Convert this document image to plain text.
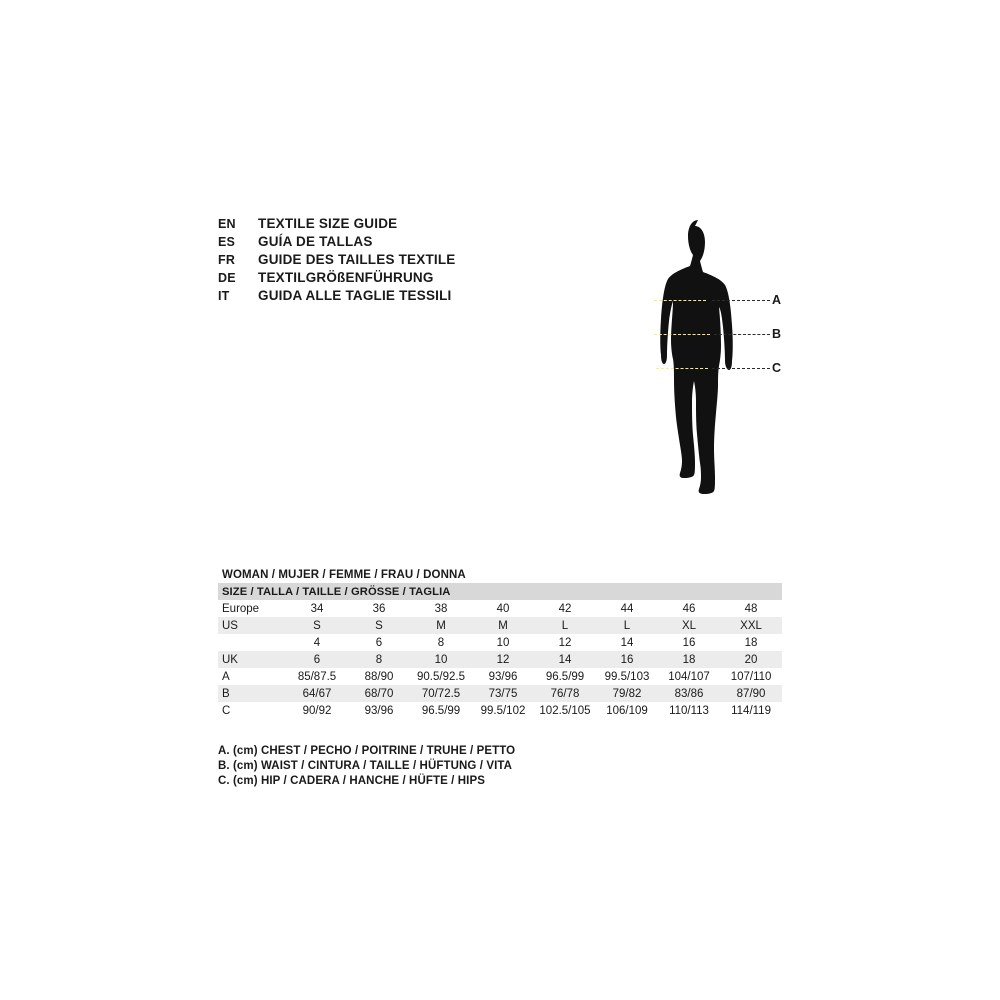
EN	TEXTILE SIZE GUIDE
ES	GUÍA DE TALLAS
FR	GUIDE DES TAILLES TEXTILE
DE	TEXTILGRÖßENFÜHRUNG
IT	GUIDA ALLE TAGLIE TESSILI	A
B
C
WOMAN / MUJER / FEMME / FRAU / DONNA								
SIZE / TALLA / TAILLE / GRÖSSE / TAGLIA								
Europe	34	36	38	40	42	44	46	48
US	S	S	M	M	L	L	XL	XXL
	4	6	8	10	12	14	16	18
UK	6	8	10	12	14	16	18	20
A	85/87.5	88/90	90.5/92.5	93/96	96.5/99	99.5/103	104/107	107/110
B	64/67	68/70	70/72.5	73/75	76/78	79/82	83/86	87/90
C	90/92	93/96	96.5/99	99.5/102	102.5/105	106/109	110/113	114/119
A. (cm) CHEST / PECHO / POITRINE / TRUHE / PETTO
B. (cm) WAIST / CINTURA / TAILLE / HÜFTUNG / VITA
C. (cm) HIP / CADERA / HANCHE / HÜFTE / HIPS
